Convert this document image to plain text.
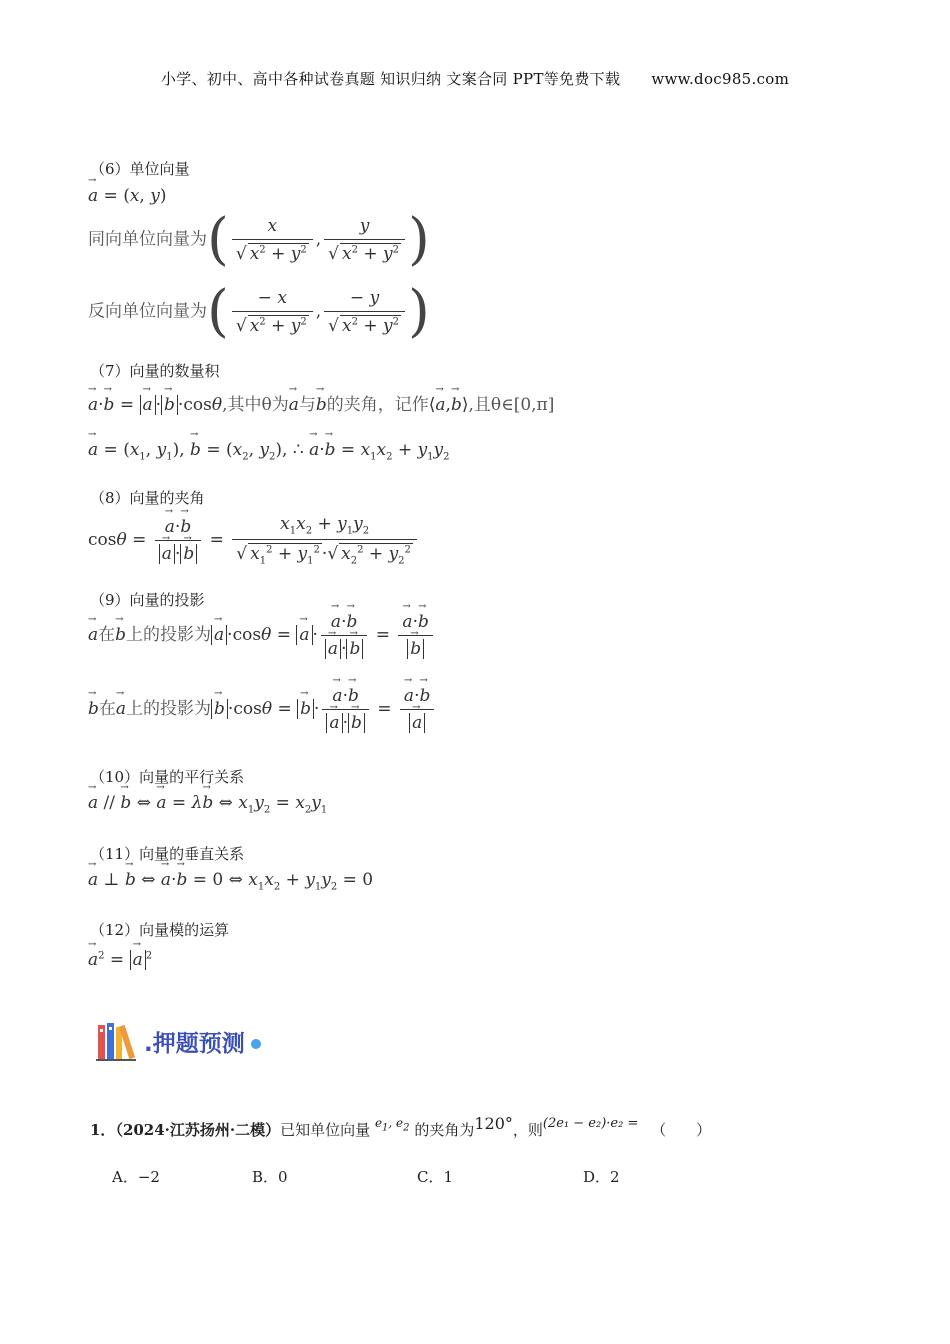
小学、初中、高中各种试卷真题 知识归纳 文案合同 PPT等免费下载 www.doc985.com
（6）单位向量
→ a = (x, y)
同向单位向量为( $\frac{x}{√ x^2 + y^2}$ , $\frac{y}{√ x^2 + y^2}$ )
反向单位向量为( $\frac{- x}{√ x^2 + y^2}$ , $\frac{- y}{√ x^2 + y^2}$ )
（7）向量的数量积
→ a·→ b = → a ·→ b ·cosθ,其中θ为→ a与→ b的夹角，记作⟨→ a,→ b⟩,且θ∈[0,π]
→ $a = (x_1$, $y_1$), → $b = (x_2$, $y_2$), ∴ → $a\cdot\to b = x_1x_2 + y_1y_2$
（8）向量的夹角
cosθ =
→ a·→ b
→ $a \cdot\to b = \frac{x_1x_2 + y_1y_2}{√ x_1^2 + y_1^2 \cdot√ x_2^2 + y_2^2}$
（9）向量的投影
→ a在→ b上的投影为→ a ·cosθ = → a ·
→ a·→ b
→ a ·→ b =
→ a·→ b
→ b
→ b在→ a上的投影为→ b ·cosθ = → b ·
→ a·→ b
→ a ·→ b =
→ a·→ b
→ a
（10）向量的平行关系
→ a // → b ⇔ → a = λ→ b ⇔ $x_1y_2 = x_2y_1$
（11）向量的垂直关系
→ a ⊥ → b ⇔ → a·→ b = 0 ⇔ $x_1x_2 + y_1y_2 = 0$
（12）向量模的运算
→ $a^2$ = → a $^2$
.押题预测
1．（2024·江苏扬州·二模）已知单位向量 $^{e_1, e_2}$ 的夹角为120°，则(2e₁ − e₂)·e₂ = （　　）
A．−2	B．0	C．1	D．2
